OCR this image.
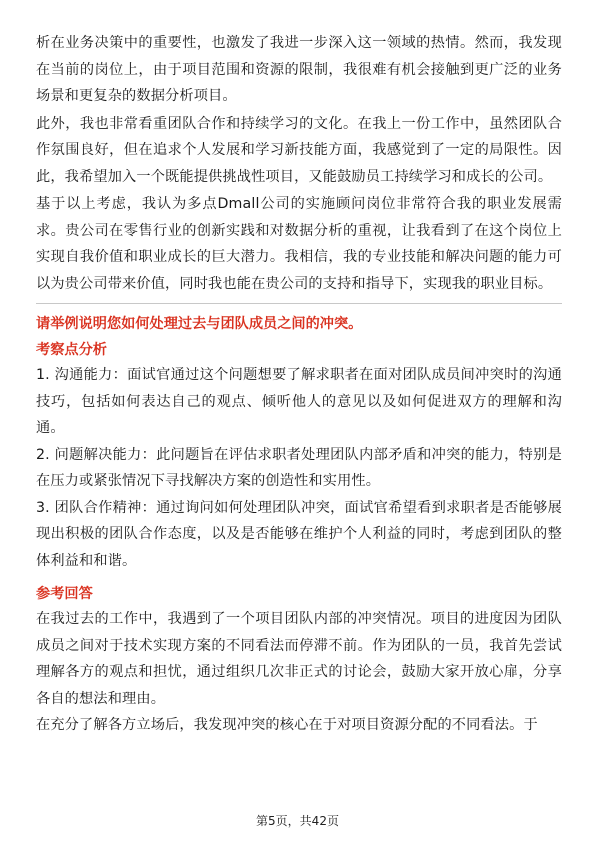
析在业务决策中的重要性，也激发了我进一步深入这一领域的热情。然而，我发现在当前的岗位上，由于项目范围和资源的限制，我很难有机会接触到更广泛的业务场景和更复杂的数据分析项目。

此外，我也非常看重团队合作和持续学习的文化。在我上一份工作中，虽然团队合作氛围良好，但在追求个人发展和学习新技能方面，我感觉到了一定的局限性。因此，我希望加入一个既能提供挑战性项目，又能鼓励员工持续学习和成长的公司。

基于以上考虑，我认为多点Dmall公司的实施顾问岗位非常符合我的职业发展需求。贵公司在零售行业的创新实践和对数据分析的重视，让我看到了在这个岗位上实现自我价值和职业成长的巨大潜力。我相信，我的专业技能和解决问题的能力可以为贵公司带来价值，同时我也能在贵公司的支持和指导下，实现我的职业目标。

请举例说明您如何处理过去与团队成员之间的冲突。

考察点分析

1. 沟通能力：面试官通过这个问题想要了解求职者在面对团队成员间冲突时的沟通技巧，包括如何表达自己的观点、倾听他人的意见以及如何促进双方的理解和沟通。

2. 问题解决能力：此问题旨在评估求职者处理团队内部矛盾和冲突的能力，特别是在压力或紧张情况下寻找解决方案的创造性和实用性。

3. 团队合作精神：通过询问如何处理团队冲突，面试官希望看到求职者是否能够展现出积极的团队合作态度，以及是否能够在维护个人利益的同时，考虑到团队的整体利益和和谐。

参考回答

在我过去的工作中，我遇到了一个项目团队内部的冲突情况。项目的进度因为团队成员之间对于技术实现方案的不同看法而停滞不前。作为团队的一员，我首先尝试理解各方的观点和担忧，通过组织几次非正式的讨论会，鼓励大家开放心扉，分享各自的想法和理由。

在充分了解各方立场后，我发现冲突的核心在于对项目资源分配的不同看法。于

第5页，共42页
